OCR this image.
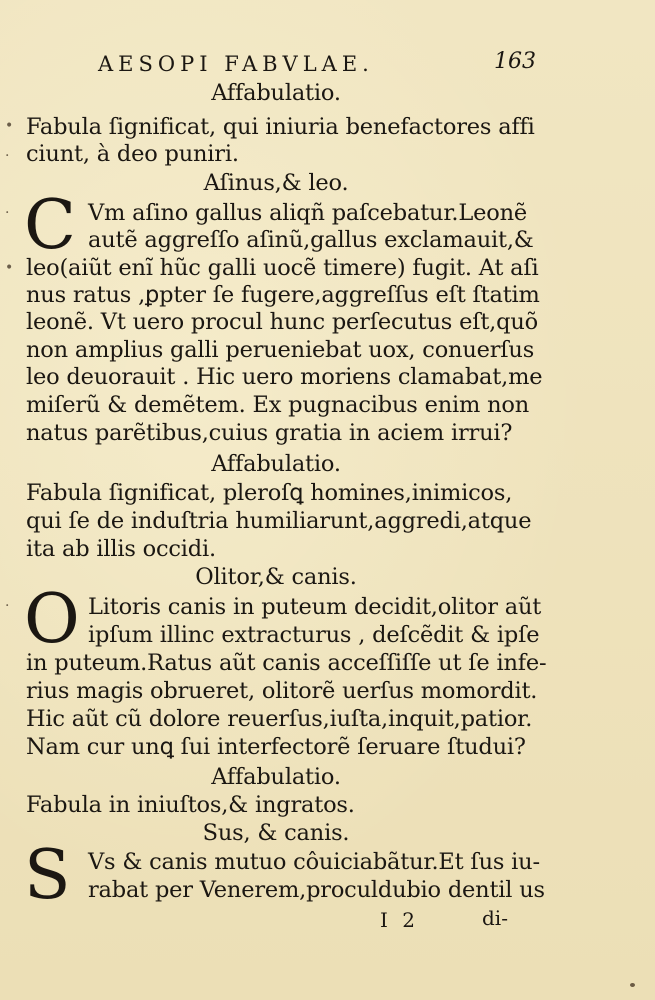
AESOPI FABVLAE.	163

Affabulatio.

Fabula ſignificat, qui iniuria benefactores affi

ciunt, à deo puniri.

Aſinus,& leo.

C Vm aſino gallus aliqñ paſcebatur.Leonẽ

autẽ aggreſſo aſinũ,gallus exclamauit,&

leo(aiũt enĩ hũc galli uocẽ timere) fugit. At aſi

nus ratus ,ꝑpter ſe fugere,aggreſſus eſt ſtatim

leonẽ. Vt uero procul hunc perſecutus eſt,quõ

non amplius galli perueniebat uox, conuerſus

leo deuorauit . Hic uero moriens clamabat,me

miſerũ & demẽtem. Ex pugnacibus enim non

natus parẽtibus,cuius gratia in aciem irrui?

Affabulatio.

Fabula ſignificat, pleroſꝗ homines,inimicos,

qui ſe de induſtria humiliarunt,aggredi,atque

ita ab illis occidi.

Olitor,& canis.

O Litoris canis in puteum decidit,olitor aũt

ipſum illinc extracturus , deſcẽdit & ipſe

in puteum.Ratus aũt canis acceſſiſſe ut ſe infe-

rius magis obrueret, olitorẽ uerſus momordit.

Hic aũt cũ dolore reuerſus,iuſta,inquit,patior.

Nam cur unꝗ ſui interfectorẽ ſeruare ſtudui?

Affabulatio.

Fabula in iniuſtos,& ingratos.

Sus, & canis.

S Vs & canis mutuo côuiciabãtur.Et ſus iu-

rabat per Venerem,proculdubio dentil us

I 2	di-
•
·
·
•
·
